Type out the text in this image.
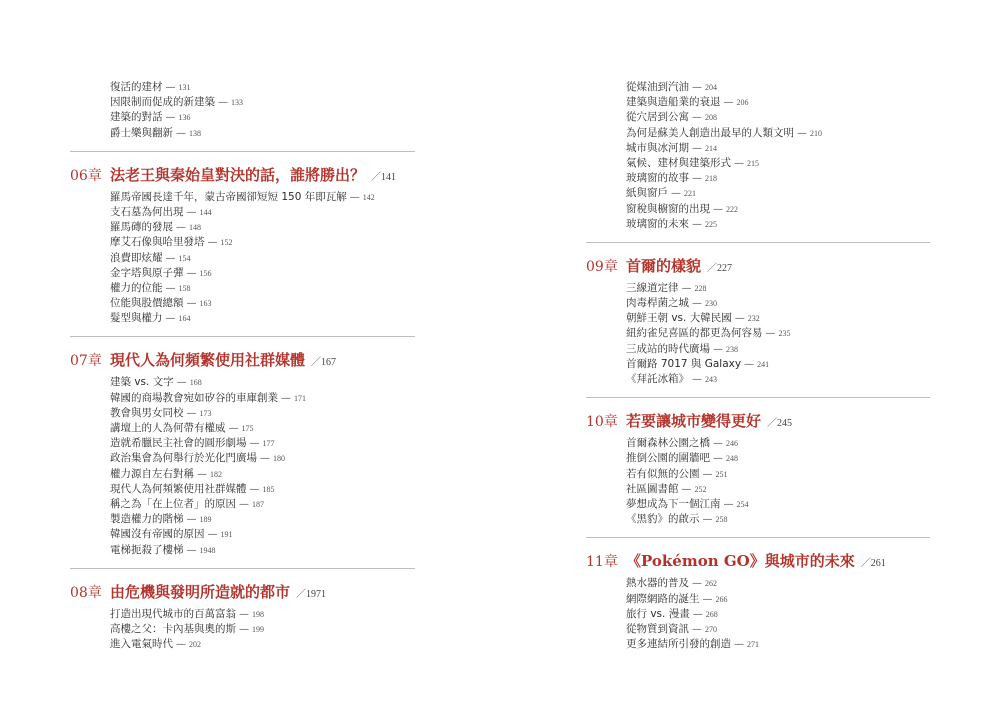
復活的建材 — 131
因限制而促成的新建築 — 133
建築的對話 — 136
爵士樂與翻新 — 138
06章 法老王與秦始皇對決的話，誰將勝出？ ／141
羅馬帝國長達千年，蒙古帝國卻短短 150 年即瓦解 — 142
支石墓為何出現 — 144
羅馬磚的發展 — 148
摩艾石像與哈里發塔 — 152
浪費即炫耀 — 154
金字塔與原子彈 — 156
權力的位能 — 158
位能與股價總額 — 163
髮型與權力 — 164
07章 現代人為何頻繁使用社群媒體 ／167
建築 vs. 文字 — 168
韓國的商場教會宛如矽谷的車庫創業 — 171
教會與男女同校 — 173
講壇上的人為何帶有權威 — 175
造就希臘民主社會的圓形劇場 — 177
政治集會為何舉行於光化門廣場 — 180
權力源自左右對稱 — 182
現代人為何頻繁使用社群媒體 — 185
稱之為「在上位者」的原因 — 187
製造權力的階梯 — 189
韓國沒有帝國的原因 — 191
電梯扼殺了樓梯 — 1948
08章 由危機與發明所造就的都市 ／1971
打造出現代城市的百萬富翁 — 198
高樓之父：卡內基與奧的斯 — 199
進入電氣時代 — 202
從煤油到汽油 — 204
建築與造船業的衰退 — 206
從穴居到公寓 — 208
為何是蘇美人創造出最早的人類文明 — 210
城市與冰河期 — 214
氣候、建材與建築形式 — 215
玻璃窗的故事 — 218
紙與窗戶 — 221
窗稅與櫥窗的出現 — 222
玻璃窗的未來 — 225
09章 首爾的樣貌 ／227
三線道定律 — 228
肉毒桿菌之城 — 230
朝鮮王朝 vs. 大韓民國 — 232
紐約雀兒喜區的都更為何容易 — 235
三成站的時代廣場 — 238
首爾路 7017 與 Galaxy — 241
《拜託冰箱》 — 243
10章 若要讓城市變得更好 ／245
首爾森林公園之橋 — 246
推倒公園的圍牆吧 — 248
若有似無的公園 — 251
社區圖書館 — 252
夢想成為下一個江南 — 254
《黑豹》的啟示 — 258
11章 《Pokémon GO》與城市的未來 ／261
熱水器的普及 — 262
網際網路的誕生 — 266
旅行 vs. 漫畫 — 268
從物質到資訊 — 270
更多連結所引發的創造 — 271
